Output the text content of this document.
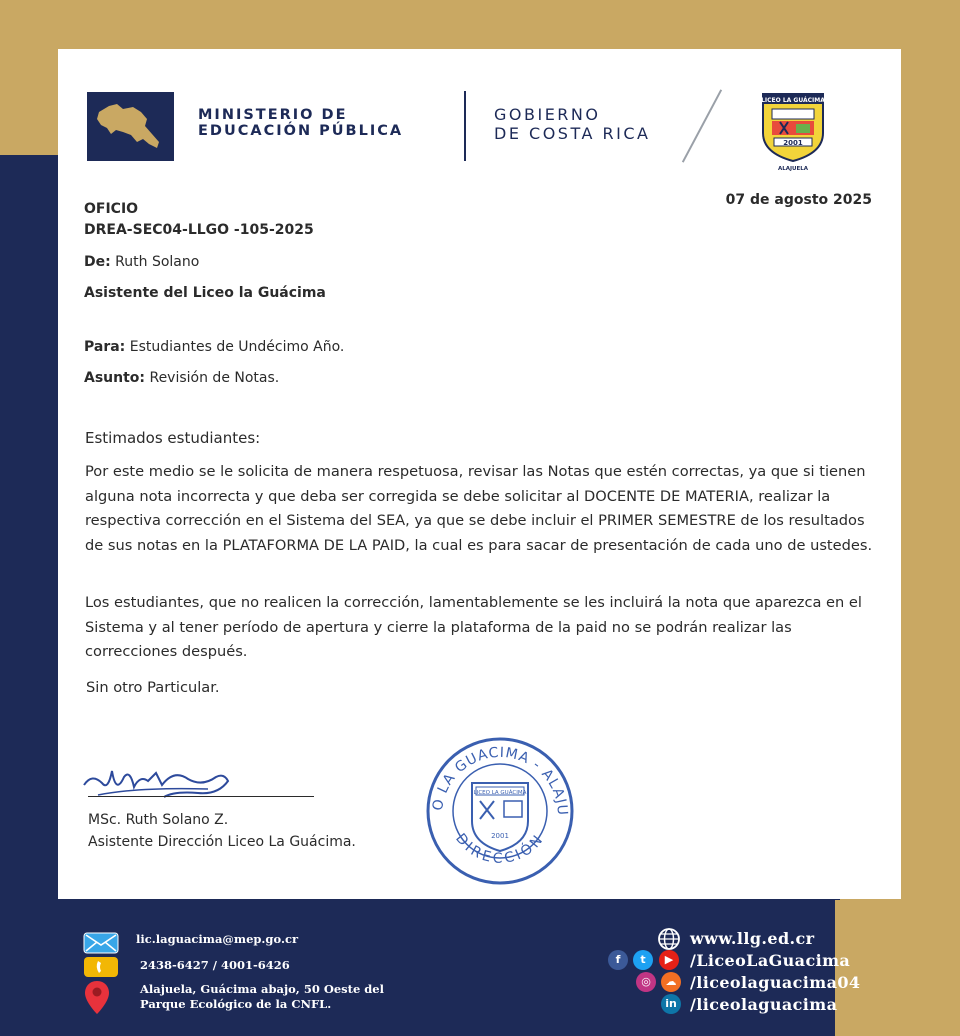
MINISTERIO DE
EDUCACIÓN PÚBLICA
GOBIERNO
DE COSTA RICA
LICEO LA GUÁCIMA
2001
ALAJUELA
OFICIO
DREA-SEC04-LLGO -105-2025
07 de agosto 2025
De: Ruth Solano
Asistente del Liceo la Guácima
Para: Estudiantes de Undécimo Año.
Asunto: Revisión de Notas.
Estimados estudiantes:
Por este medio se le solicita de manera respetuosa, revisar las Notas que estén correctas, ya que si tienen alguna nota incorrecta y que deba ser corregida se debe solicitar al DOCENTE DE MATERIA, realizar la respectiva corrección en el Sistema del SEA, ya que se debe incluir el PRIMER SEMESTRE de los resultados de sus notas en la PLATAFORMA DE LA PAID, la cual es para sacar de presentación de cada uno de ustedes.
Los estudiantes, que no realicen la corrección, lamentablemente se les incluirá la nota que aparezca en el Sistema y al tener período de apertura y cierre la plataforma de la paid no se podrán realizar las correcciones después.
Sin otro Particular.
MSc. Ruth Solano Z.
Asistente Dirección Liceo La Guácima.
O LA GUACIMA - ALAJU
DIRECCIÓN
LICEO LA GUÁCIMA
2001
lic.laguacima@mep.go.cr
2438-6427 / 4001-6426
Alajuela, Guácima abajo, 50 Oeste del
Parque Ecológico de la CNFL.
www.llg.ed.cr
f	t	▶	/LiceoLaGuacima
◎	☁ /liceolaguacima04
in /liceolaguacima
